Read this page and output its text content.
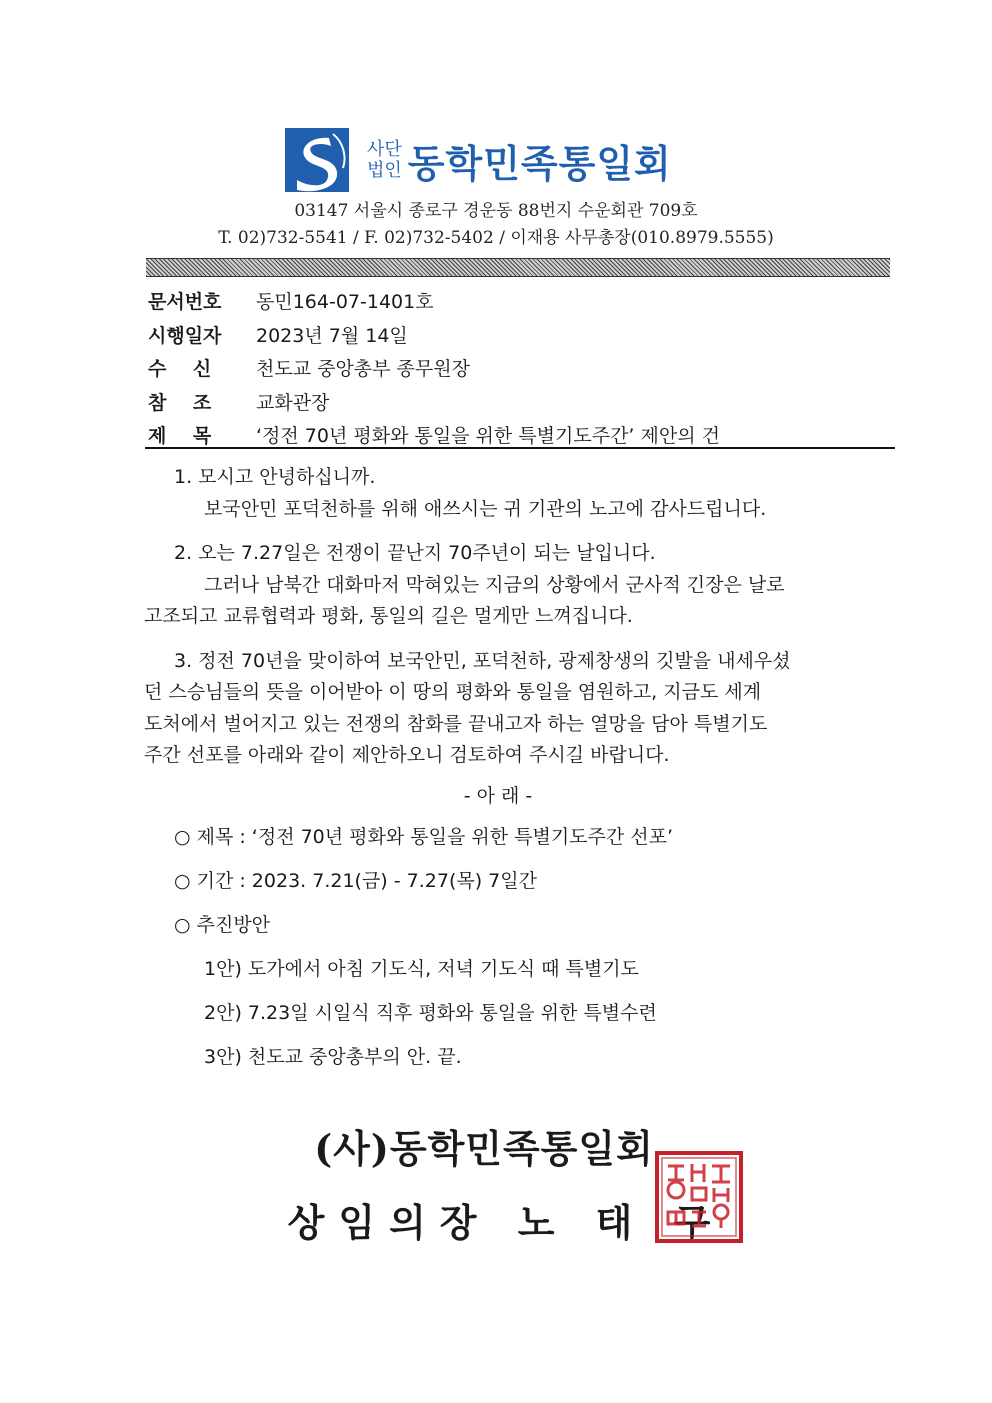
사단
법인 동학민족통일회
03147 서울시 종로구 경운동 88번지 수운회관 709호
T. 02)732-5541 / F. 02)732-5402 / 이재용 사무총장(010.8979.5555)
문서번호	동민164-07-1401호
시행일자	2023년 7월 14일
수    신	천도교 중앙총부 종무원장
참    조	교화관장
제    목	‘정전 70년 평화와 통일을 위한 특별기도주간’ 제안의 건
1. 모시고 안녕하십니까.
보국안민 포덕천하를 위해 애쓰시는 귀 기관의 노고에 감사드립니다.
2. 오는 7.27일은 전쟁이 끝난지 70주년이 되는 날입니다.
그러나 남북간 대화마저 막혀있는 지금의 상황에서 군사적 긴장은 날로
고조되고 교류협력과 평화, 통일의 길은 멀게만 느껴집니다.
3. 정전 70년을 맞이하여 보국안민, 포덕천하, 광제창생의 깃발을 내세우셨
던 스승님들의 뜻을 이어받아 이 땅의 평화와 통일을 염원하고, 지금도 세계
도처에서 벌어지고 있는 전쟁의 참화를 끝내고자 하는 열망을 담아 특별기도
주간 선포를 아래와 같이 제안하오니 검토하여 주시길 바랍니다.
- 아 래 -
○ 제목 : ‘정전 70년 평화와 통일을 위한 특별기도주간 선포’
○ 기간 : 2023. 7.21(금) - 7.27(목) 7일간
○ 추진방안
1안) 도가에서 아침 기도식, 저녁 기도식 때 특별기도
2안) 7.23일 시일식 직후 평화와 통일을 위한 특별수련
3안) 천도교 중앙총부의 안. 끝.
(사)동학민족통일회
상임의장 노 태 구
